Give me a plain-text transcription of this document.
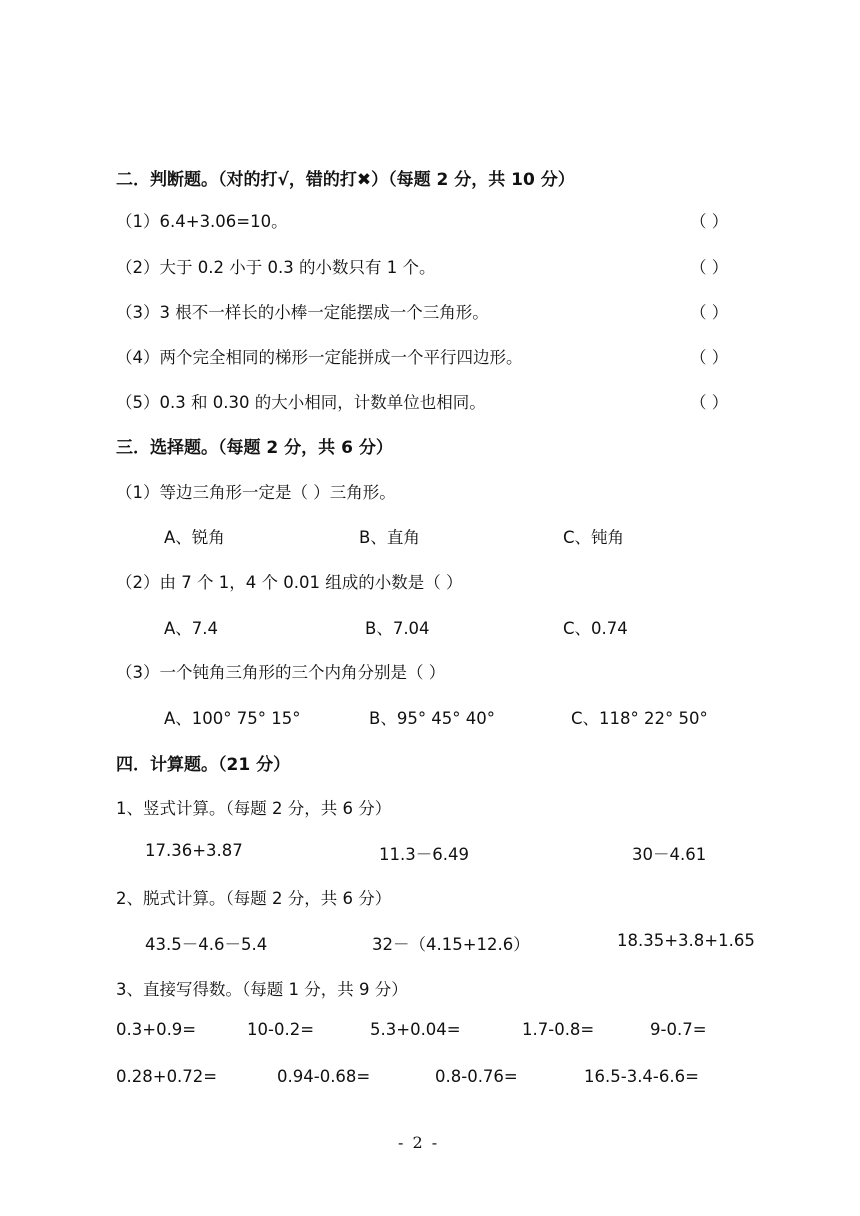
二．判断题。（对的打√，错的打✖）（每题 2 分，共 10 分）
（1）6.4+3.06=10。	（ ）
（2）大于 0.2 小于 0.3 的小数只有 1 个。	（ ）
（3）3 根不一样长的小棒一定能摆成一个三角形。	（ ）
（4）两个完全相同的梯形一定能拼成一个平行四边形。	（ ）
（5）0.3 和 0.30 的大小相同，计数单位也相同。	（ ）
三．选择题。（每题 2 分，共 6 分）
（1）等边三角形一定是（ ）三角形。
A、锐角	B、直角	C、钝角
（2）由 7 个 1，4 个 0.01 组成的小数是（ ）
A、7.4	B、7.04	C、0.74
（3）一个钝角三角形的三个内角分别是（ ）
A、100° 75° 15°	B、95° 45° 40°	C、118° 22° 50°
四．计算题。（21 分）
1、竖式计算。（每题 2 分，共 6 分）
17.36+3.87	11.3－6.49	30－4.61
2、脱式计算。（每题 2 分，共 6 分）
43.5－4.6－5.4	32－（4.15+12.6）	18.35+3.8+1.65
3、直接写得数。（每题 1 分，共 9 分）
0.3+0.9=	10-0.2=	5.3+0.04=	1.7-0.8=	9-0.7=
0.28+0.72=	0.94-0.68=	0.8-0.76=	16.5-3.4-6.6=
- 2 -
